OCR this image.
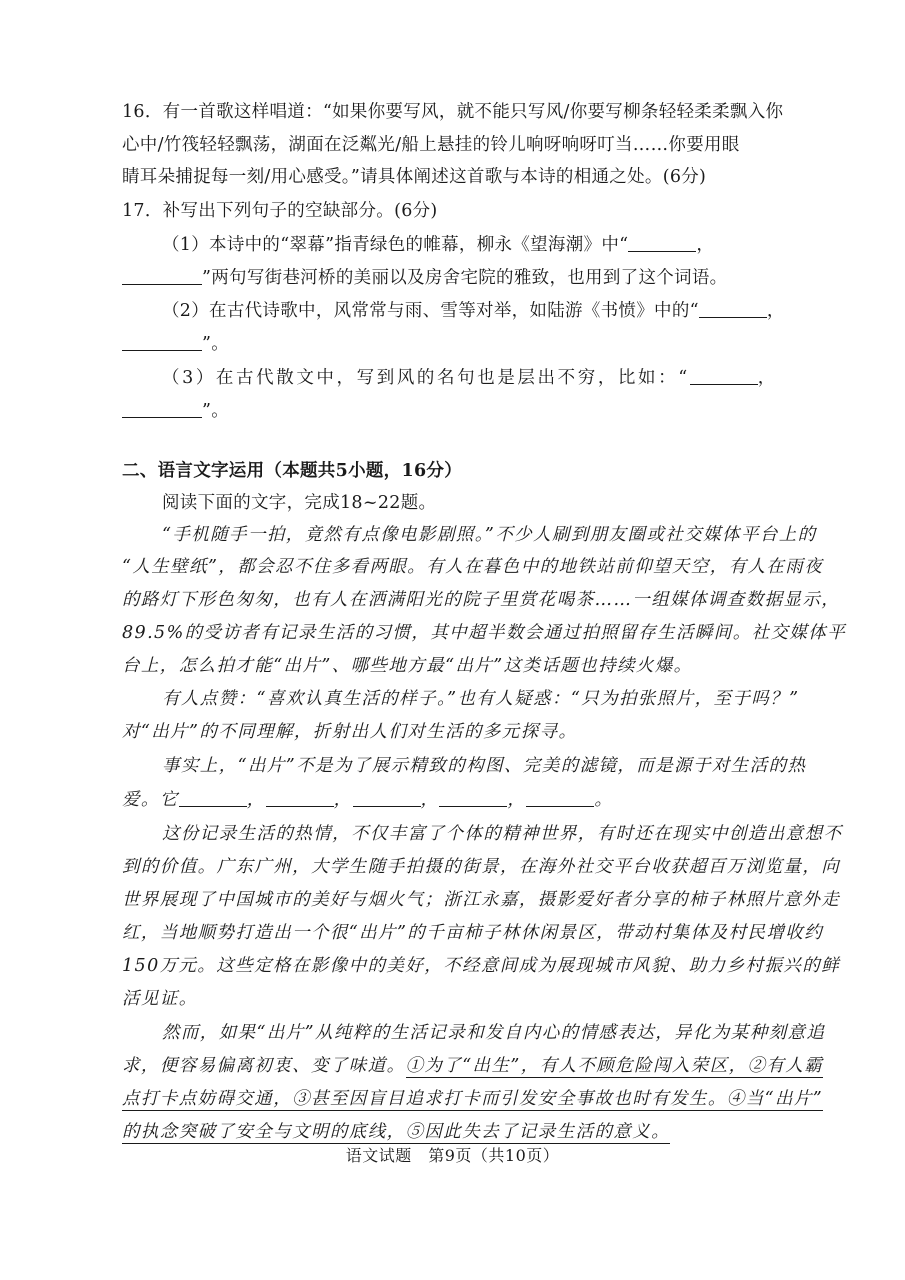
16．有一首歌这样唱道：“如果你要写风，就不能只写风/你要写柳条轻轻柔柔飘入你
心中/竹筏轻轻飘荡，湖面在泛粼光/船上悬挂的铃儿响呀响呀叮当……你要用眼
睛耳朵捕捉每一刻/用心感受。”请具体阐述这首歌与本诗的相通之处。(6分)
17．补写出下列句子的空缺部分。(6分)
（1）本诗中的“翠幕”指青绿色的帷幕，柳永《望海潮》中“	，
”两句写街巷河桥的美丽以及房舍宅院的雅致，也用到了这个词语。
（2）在古代诗歌中，风常常与雨、雪等对举，如陆游《书愤》中的“	，
”。
（3）在古代散文中，写到风的名句也是层出不穷，比如：“	，
”。
二、语言文字运用（本题共5小题，16分）
阅读下面的文字，完成18~22题。
“手机随手一拍，竟然有点像电影剧照。”不少人刷到朋友圈或社交媒体平台上的
“人生壁纸”，都会忍不住多看两眼。有人在暮色中的地铁站前仰望天空，有人在雨夜
的路灯下形色匆匆，也有人在洒满阳光的院子里赏花喝茶……一组媒体调查数据显示，
89.5%的受访者有记录生活的习惯，其中超半数会通过拍照留存生活瞬间。社交媒体平
台上，怎么拍才能“出片”、哪些地方最“出片”这类话题也持续火爆。
有人点赞：“喜欢认真生活的样子。”也有人疑惑：“只为拍张照片，至于吗？”
对“出片”的不同理解，折射出人们对生活的多元探寻。
事实上，“出片”不是为了展示精致的构图、完美的滤镜，而是源于对生活的热
爱。它	，	，	，	，	。
这份记录生活的热情，不仅丰富了个体的精神世界，有时还在现实中创造出意想不
到的价值。广东广州，大学生随手拍摄的街景，在海外社交平台收获超百万浏览量，向
世界展现了中国城市的美好与烟火气；浙江永嘉，摄影爱好者分享的柿子林照片意外走
红，当地顺势打造出一个很“出片”的千亩柿子林休闲景区，带动村集体及村民增收约
150万元。这些定格在影像中的美好，不经意间成为展现城市风貌、助力乡村振兴的鲜
活见证。
然而，如果“出片”从纯粹的生活记录和发自内心的情感表达，异化为某种刻意追
求，便容易偏离初衷、变了味道。①为了“出生”，有人不顾危险闯入荣区，②有人霸
点打卡点妨碍交通，③甚至因盲目追求打卡而引发安全事故也时有发生。④当“出片”
的执念突破了安全与文明的底线，⑤因此失去了记录生活的意义。
语文试题　第9页（共10页）
